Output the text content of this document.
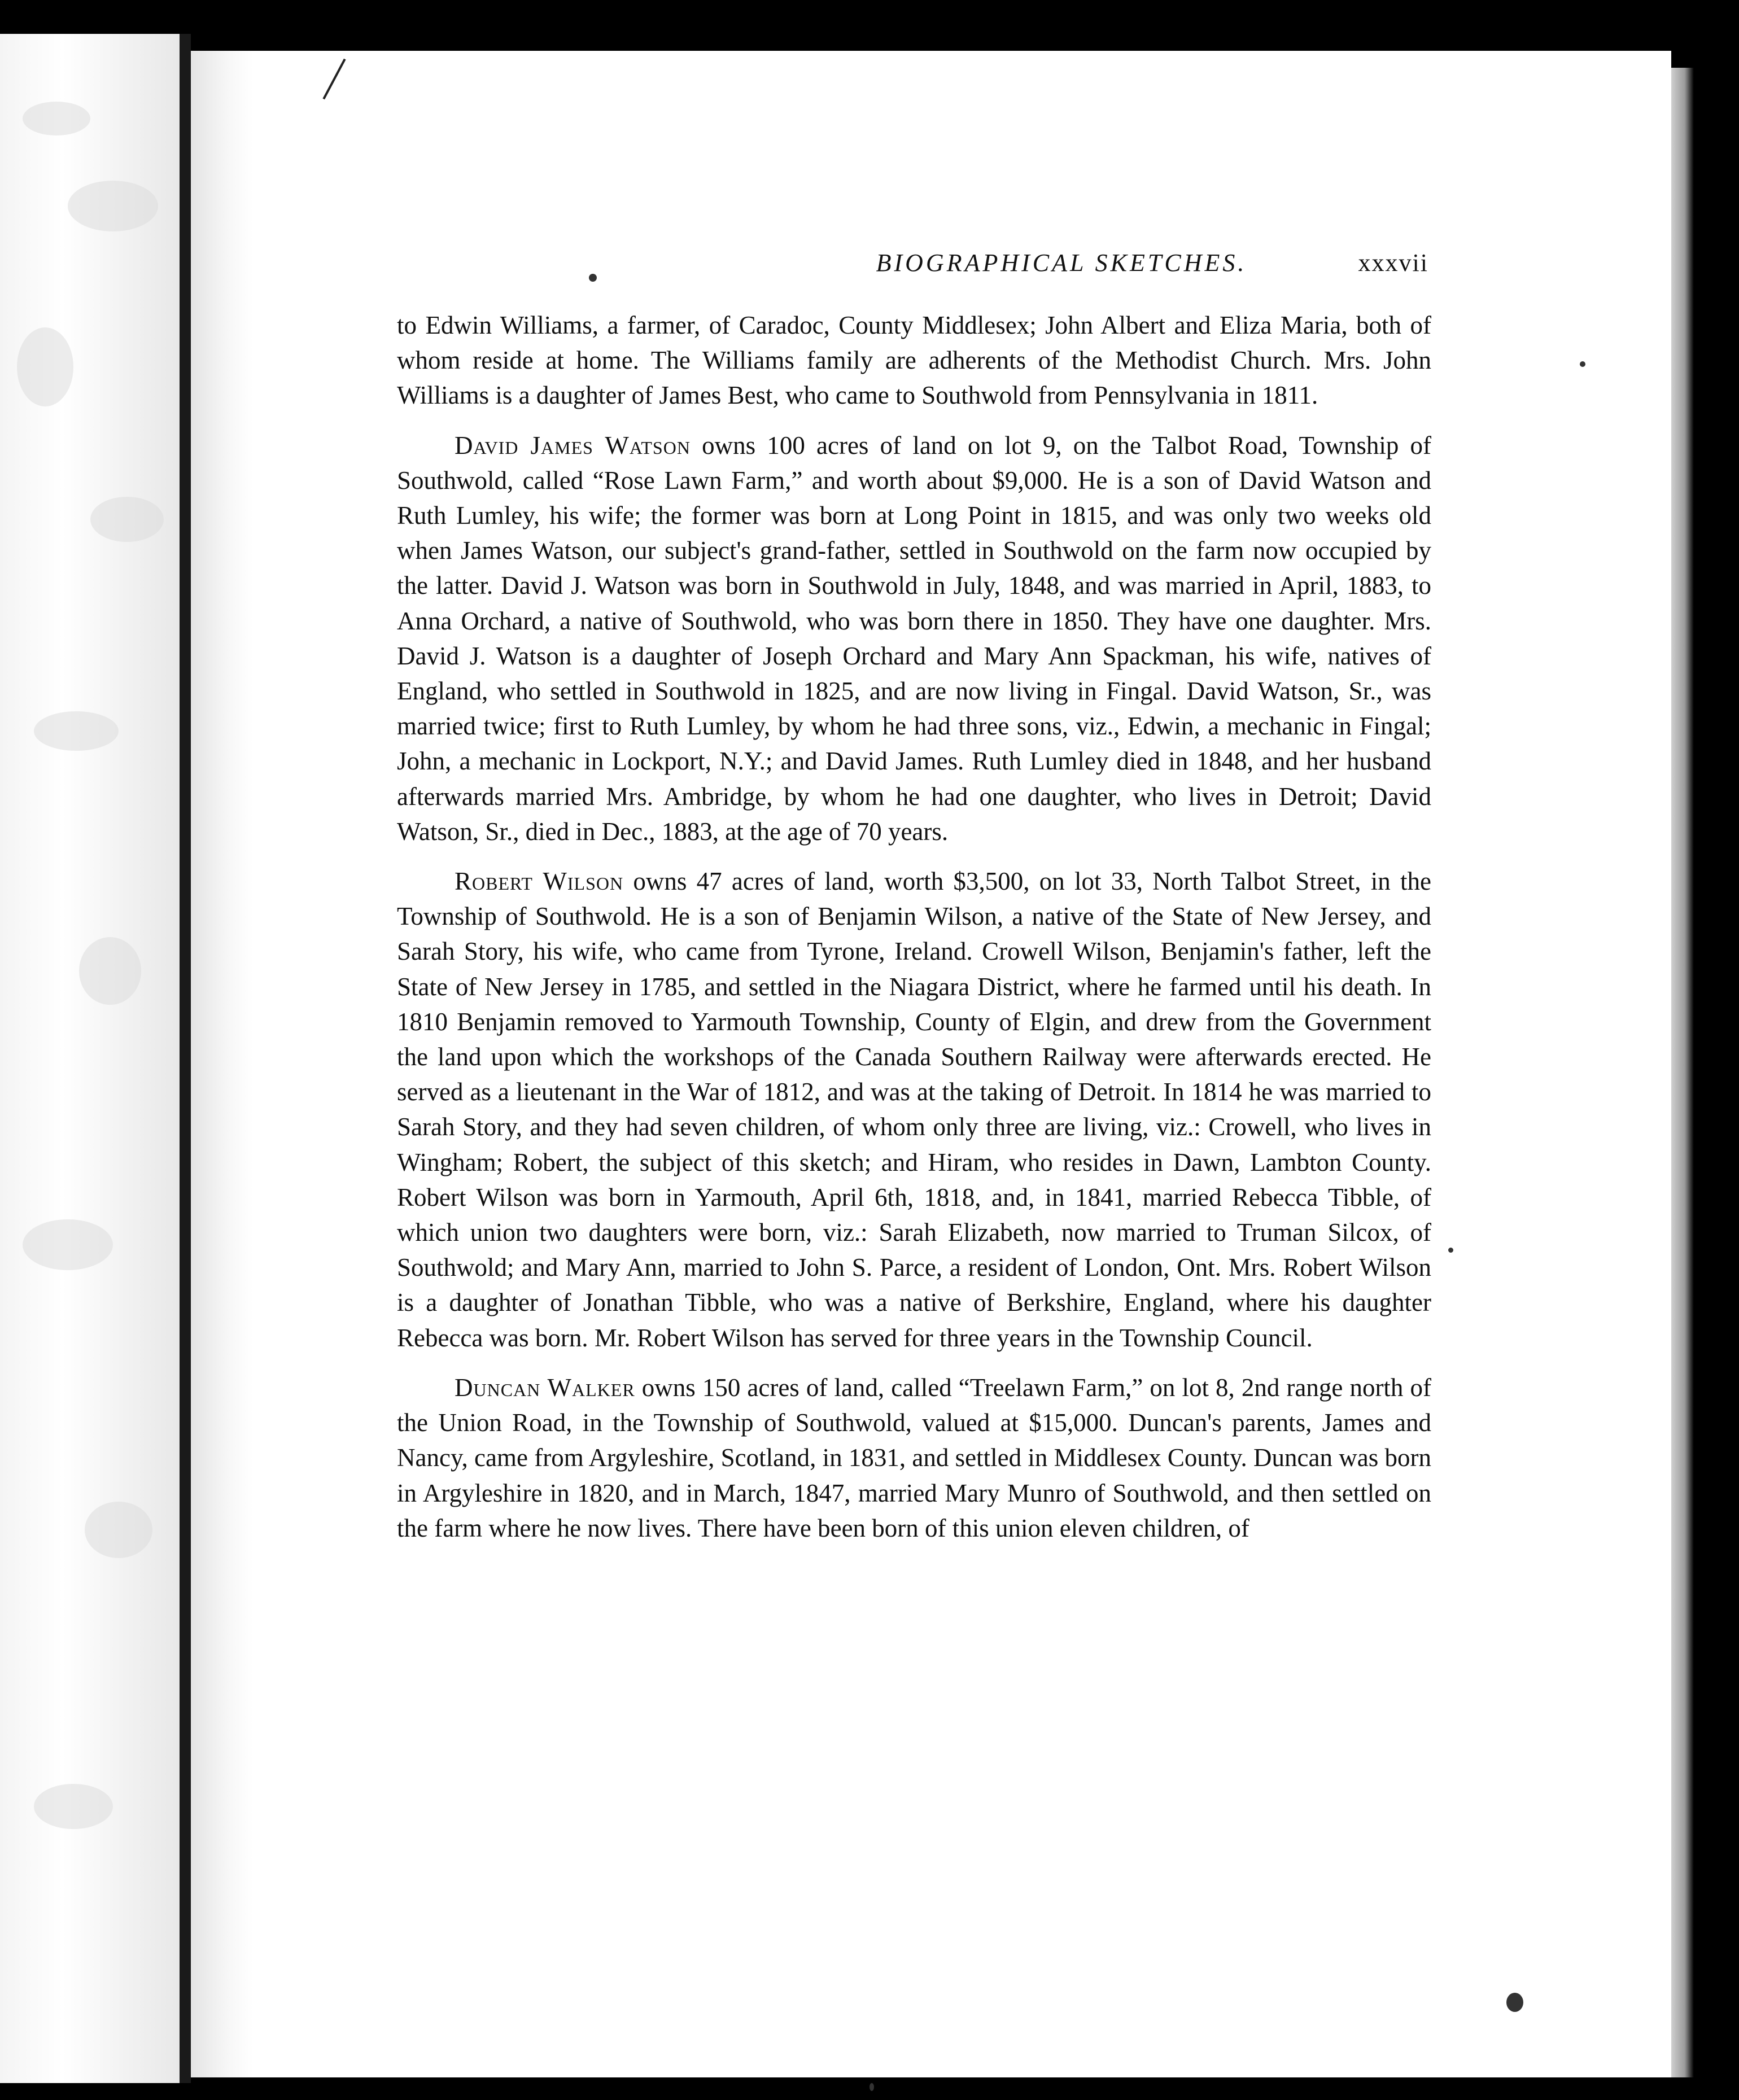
BIOGRAPHICAL SKETCHES.	xxxvii

to Edwin Williams, a farmer, of Caradoc, County Middlesex; John Albert and Eliza Maria, both of whom reside at home. The Williams family are adherents of the Methodist Church. Mrs. John Williams is a daughter of James Best, who came to Southwold from Pennsylvania in 1811.

David James Watson owns 100 acres of land on lot 9, on the Talbot Road, Township of Southwold, called “Rose Lawn Farm,” and worth about $9,000. He is a son of David Watson and Ruth Lumley, his wife; the former was born at Long Point in 1815, and was only two weeks old when James Watson, our subject's grand-father, settled in Southwold on the farm now occupied by the latter. David J. Watson was born in Southwold in July, 1848, and was married in April, 1883, to Anna Orchard, a native of Southwold, who was born there in 1850. They have one daughter. Mrs. David J. Watson is a daughter of Joseph Orchard and Mary Ann Spackman, his wife, natives of England, who settled in Southwold in 1825, and are now living in Fingal. David Watson, Sr., was married twice; first to Ruth Lumley, by whom he had three sons, viz., Edwin, a mechanic in Fingal; John, a mechanic in Lockport, N.Y.; and David James. Ruth Lumley died in 1848, and her husband afterwards married Mrs. Ambridge, by whom he had one daughter, who lives in Detroit; David Watson, Sr., died in Dec., 1883, at the age of 70 years.

Robert Wilson owns 47 acres of land, worth $3,500, on lot 33, North Talbot Street, in the Township of Southwold. He is a son of Benjamin Wilson, a native of the State of New Jersey, and Sarah Story, his wife, who came from Tyrone, Ireland. Crowell Wilson, Benjamin's father, left the State of New Jersey in 1785, and settled in the Niagara District, where he farmed until his death. In 1810 Benjamin removed to Yarmouth Township, County of Elgin, and drew from the Government the land upon which the workshops of the Canada Southern Railway were afterwards erected. He served as a lieutenant in the War of 1812, and was at the taking of Detroit. In 1814 he was married to Sarah Story, and they had seven children, of whom only three are living, viz.: Crowell, who lives in Wingham; Robert, the subject of this sketch; and Hiram, who resides in Dawn, Lambton County. Robert Wilson was born in Yarmouth, April 6th, 1818, and, in 1841, married Rebecca Tibble, of which union two daughters were born, viz.: Sarah Elizabeth, now married to Truman Silcox, of Southwold; and Mary Ann, married to John S. Parce, a resident of London, Ont. Mrs. Robert Wilson is a daughter of Jonathan Tibble, who was a native of Berkshire, England, where his daughter Rebecca was born. Mr. Robert Wilson has served for three years in the Township Council.

Duncan Walker owns 150 acres of land, called “Treelawn Farm,” on lot 8, 2nd range north of the Union Road, in the Township of Southwold, valued at $15,000. Duncan's parents, James and Nancy, came from Argyleshire, Scotland, in 1831, and settled in Middlesex County. Duncan was born in Argyleshire in 1820, and in March, 1847, married Mary Munro of Southwold, and then settled on the farm where he now lives. There have been born of this union eleven children, of
